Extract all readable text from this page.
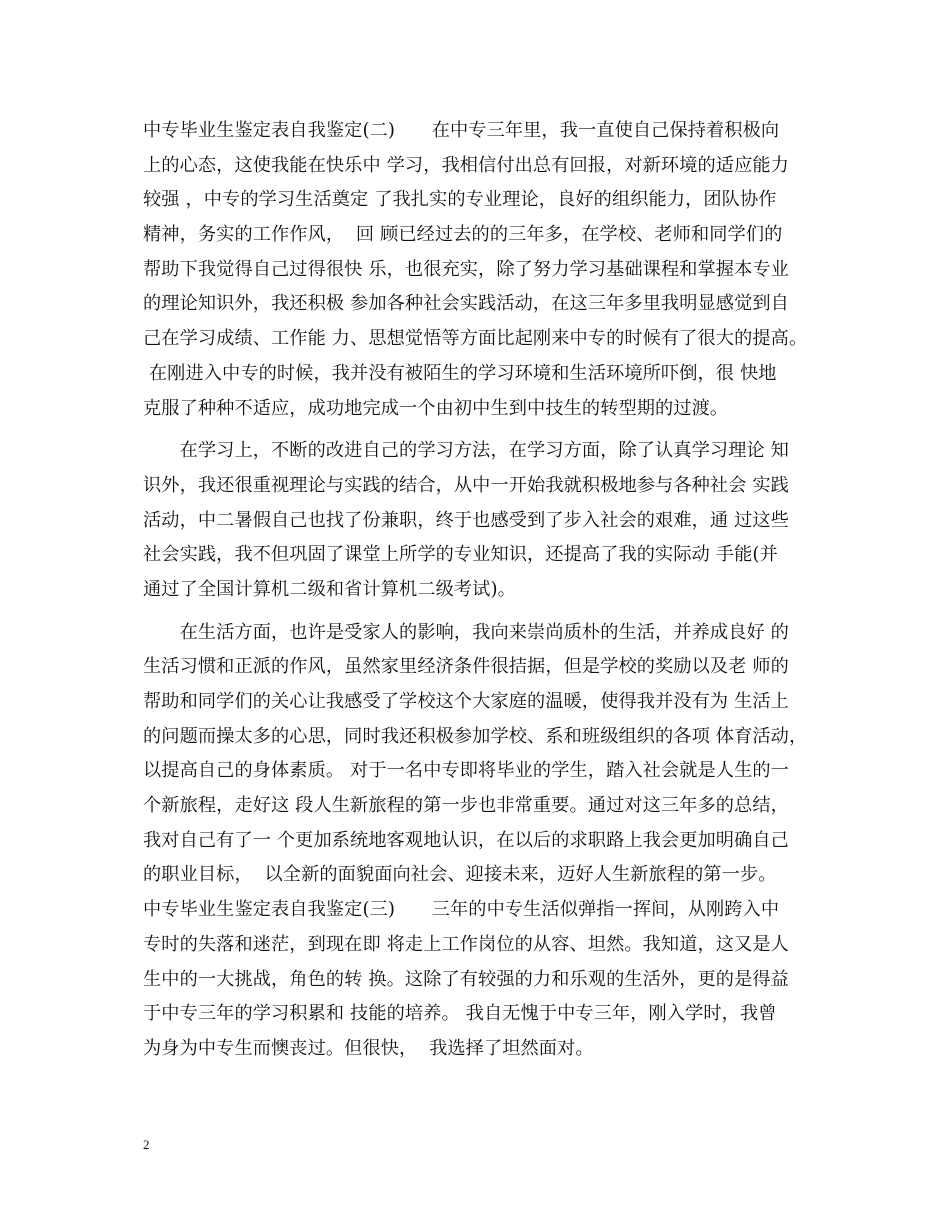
中专毕业生鉴定表自我鉴定(二)　　在中专三年里，我一直使自己保持着积极向
上的心态，这使我能在快乐中 学习，我相信付出总有回报，对新环境的适应能力
较强 ，中专的学习生活奠定 了我扎实的专业理论，良好的组织能力，团队协作
精神，务实的工作作风，  回 顾已经过去的的三年多，在学校、老师和同学们的
帮助下我觉得自己过得很快 乐，也很充实，除了努力学习基础课程和掌握本专业
的理论知识外，我还积极 参加各种社会实践活动，在这三年多里我明显感觉到自
己在学习成绩、工作能 力、思想觉悟等方面比起刚来中专的时候有了很大的提高。
在刚进入中专的时候，我并没有被陌生的学习环境和生活环境所吓倒，很 快地
克服了种种不适应，成功地完成一个由初中生到中技生的转型期的过渡。
　　在学习上，不断的改进自己的学习方法，在学习方面，除了认真学习理论 知
识外，我还很重视理论与实践的结合，从中一开始我就积极地参与各种社会 实践
活动，中二暑假自己也找了份兼职，终于也感受到了步入社会的艰难，通 过这些
社会实践，我不但巩固了课堂上所学的专业知识，还提高了我的实际动 手能(并
通过了全国计算机二级和省计算机二级考试)。
　　在生活方面，也许是受家人的影响，我向来崇尚质朴的生活，并养成良好 的
生活习惯和正派的作风，虽然家里经济条件很拮据，但是学校的奖励以及老 师的
帮助和同学们的关心让我感受了学校这个大家庭的温暖，使得我并没有为 生活上
的问题而操太多的心思，同时我还积极参加学校、系和班级组织的各项 体育活动，
以提高自己的身体素质。 对于一名中专即将毕业的学生，踏入社会就是人生的一
个新旅程，走好这 段人生新旅程的第一步也非常重要。通过对这三年多的总结，
我对自己有了一 个更加系统地客观地认识，在以后的求职路上我会更加明确自己
的职业目标，  以全新的面貌面向社会、迎接未来，迈好人生新旅程的第一步。
中专毕业生鉴定表自我鉴定(三)　　三年的中专生活似弹指一挥间，从刚跨入中
专时的失落和迷茫，到现在即 将走上工作岗位的从容、坦然。我知道，这又是人
生中的一大挑战，角色的转 换。这除了有较强的力和乐观的生活外，更的是得益
于中专三年的学习积累和 技能的培养。 我自无愧于中专三年，刚入学时，我曾
为身为中专生而懊丧过。但很快，  我选择了坦然面对。
2
